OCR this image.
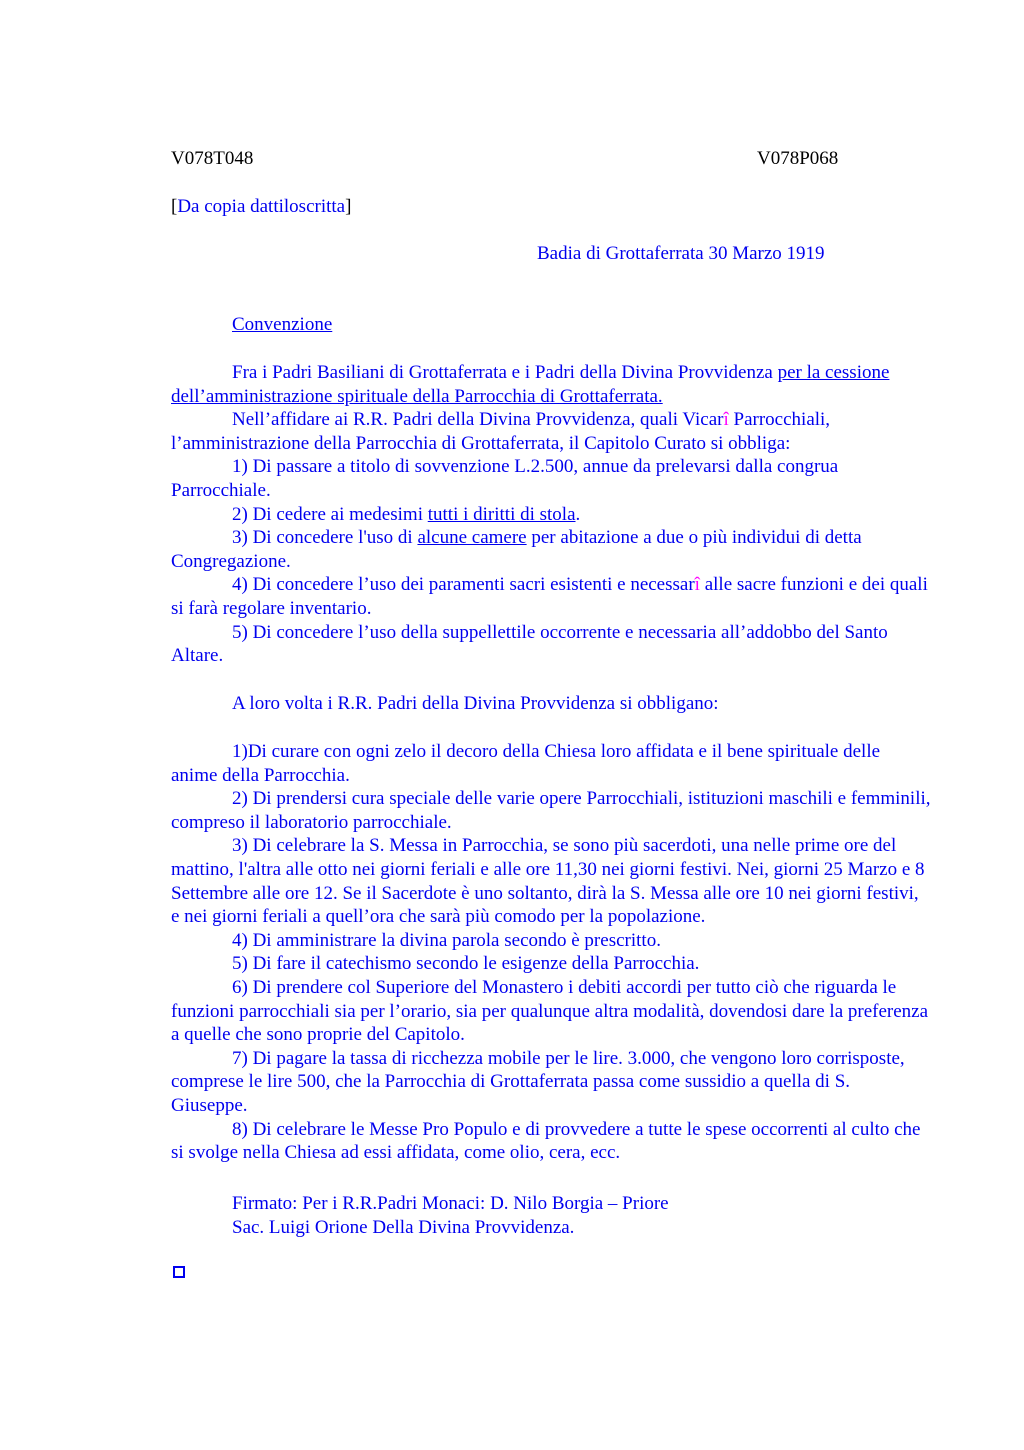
V078T048	V078P068
[Da copia dattiloscritta]
Badia di Grottaferrata 30 Marzo 1919
Convenzione

Fra i Padri Basiliani di Grottaferrata e i Padri della Divina Provvidenza per la cessione dell’amministrazione spirituale della Parrocchia di Grottaferrata.

Nell’affidare ai R.R. Padri della Divina Provvidenza, quali Vicarî Parrocchiali, l’amministrazione della Parrocchia di Grottaferrata, il Capitolo Curato si obbliga:

1) Di passare a titolo di sovvenzione L.2.500, annue da prelevarsi dalla congrua Parrocchiale.

2) Di cedere ai medesimi tutti i diritti di stola.

3) Di concedere l'uso di alcune camere per abitazione a due o più individui di detta Congregazione.

4) Di concedere l’uso dei paramenti sacri esistenti e necessarî alle sacre funzioni e dei quali si farà regolare inventario.

5) Di concedere l’uso della suppellettile occorrente e necessaria all’addobbo del Santo Altare.

A loro volta i R.R. Padri della Divina Provvidenza si obbligano:

1)Di curare con ogni zelo il decoro della Chiesa loro affidata e il bene spirituale delle anime della Parrocchia.

2) Di prendersi cura speciale delle varie opere Parrocchiali, istituzioni maschili e femminili, compreso il laboratorio parrocchiale.

3) Di celebrare la S. Messa in Parrocchia, se sono più sacerdoti, una nelle prime ore del mattino, l'altra alle otto nei giorni feriali e alle ore 11,30 nei giorni festivi. Nei, giorni 25 Marzo e 8 Settembre alle ore 12. Se il Sacerdote è uno soltanto, dirà la S. Messa alle ore 10 nei giorni festivi, e nei giorni feriali a quell’ora che sarà più comodo per la popolazione.

4) Di amministrare la divina parola secondo è prescritto.

5) Di fare il catechismo secondo le esigenze della Parrocchia.

6) Di prendere col Superiore del Monastero i debiti accordi per tutto ciò che riguarda le funzioni parrocchiali sia per l’orario, sia per qualunque altra modalità, dovendosi dare la preferenza a quelle che sono proprie del Capitolo.

7) Di pagare la tassa di ricchezza mobile per le lire. 3.000, che vengono loro corrisposte, comprese le lire 500, che la Parrocchia di Grottaferrata passa come sussidio a quella di S. Giuseppe.

8) Di celebrare le Messe Pro Populo e di provvedere a tutte le spese occorrenti al culto che si svolge nella Chiesa ad essi affidata, come olio, cera, ecc.

Firmato: Per i R.R.Padri Monaci: D. Nilo Borgia – Priore
Sac. Luigi Orione Della Divina Provvidenza.
